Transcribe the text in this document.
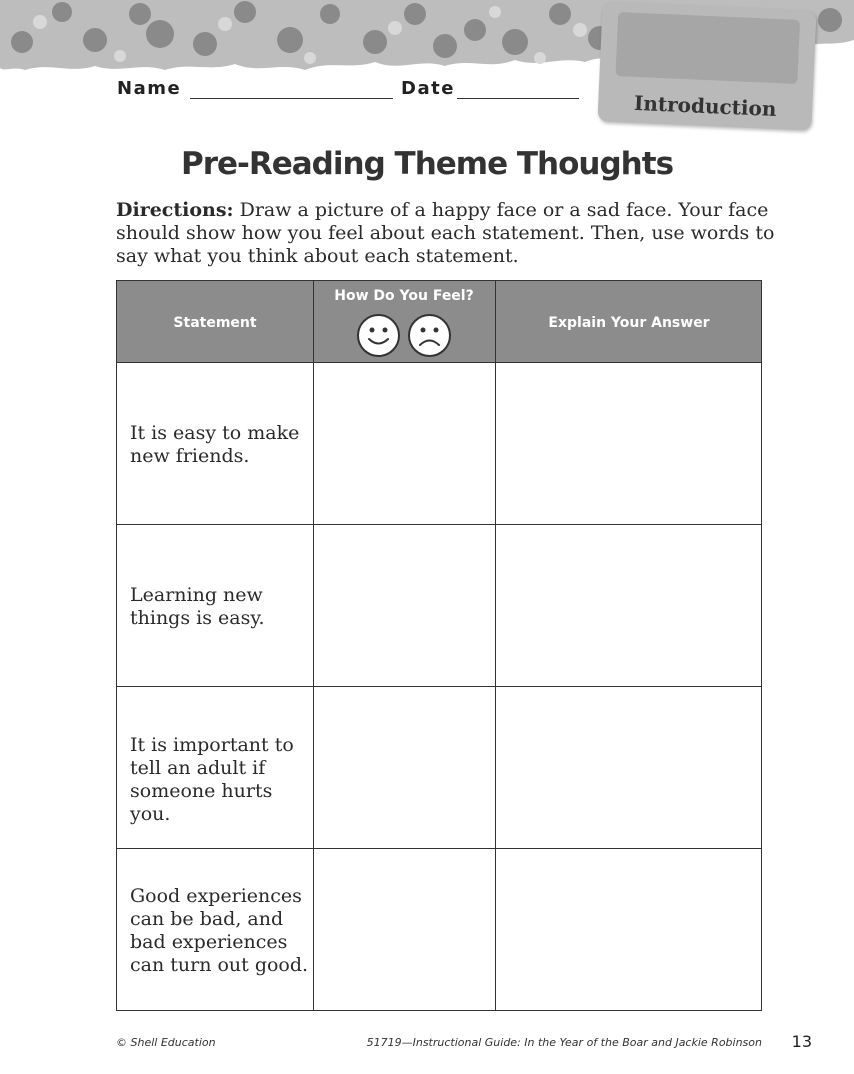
Introduction
Name	Date
Pre-Reading Theme Thoughts
Directions: Draw a picture of a happy face or a sad face. Your face should show how you feel about each statement. Then, use words to say what you think about each statement.
Statement
How Do You Feel?
Explain Your Answer
It is easy to make new friends.
Learning new things is easy.
It is important to tell an adult if someone hurts you.
Good experiences can be bad, and bad experiences can turn out good.
© Shell Education	51719—Instructional Guide: In the Year of the Boar and Jackie Robinson 13
